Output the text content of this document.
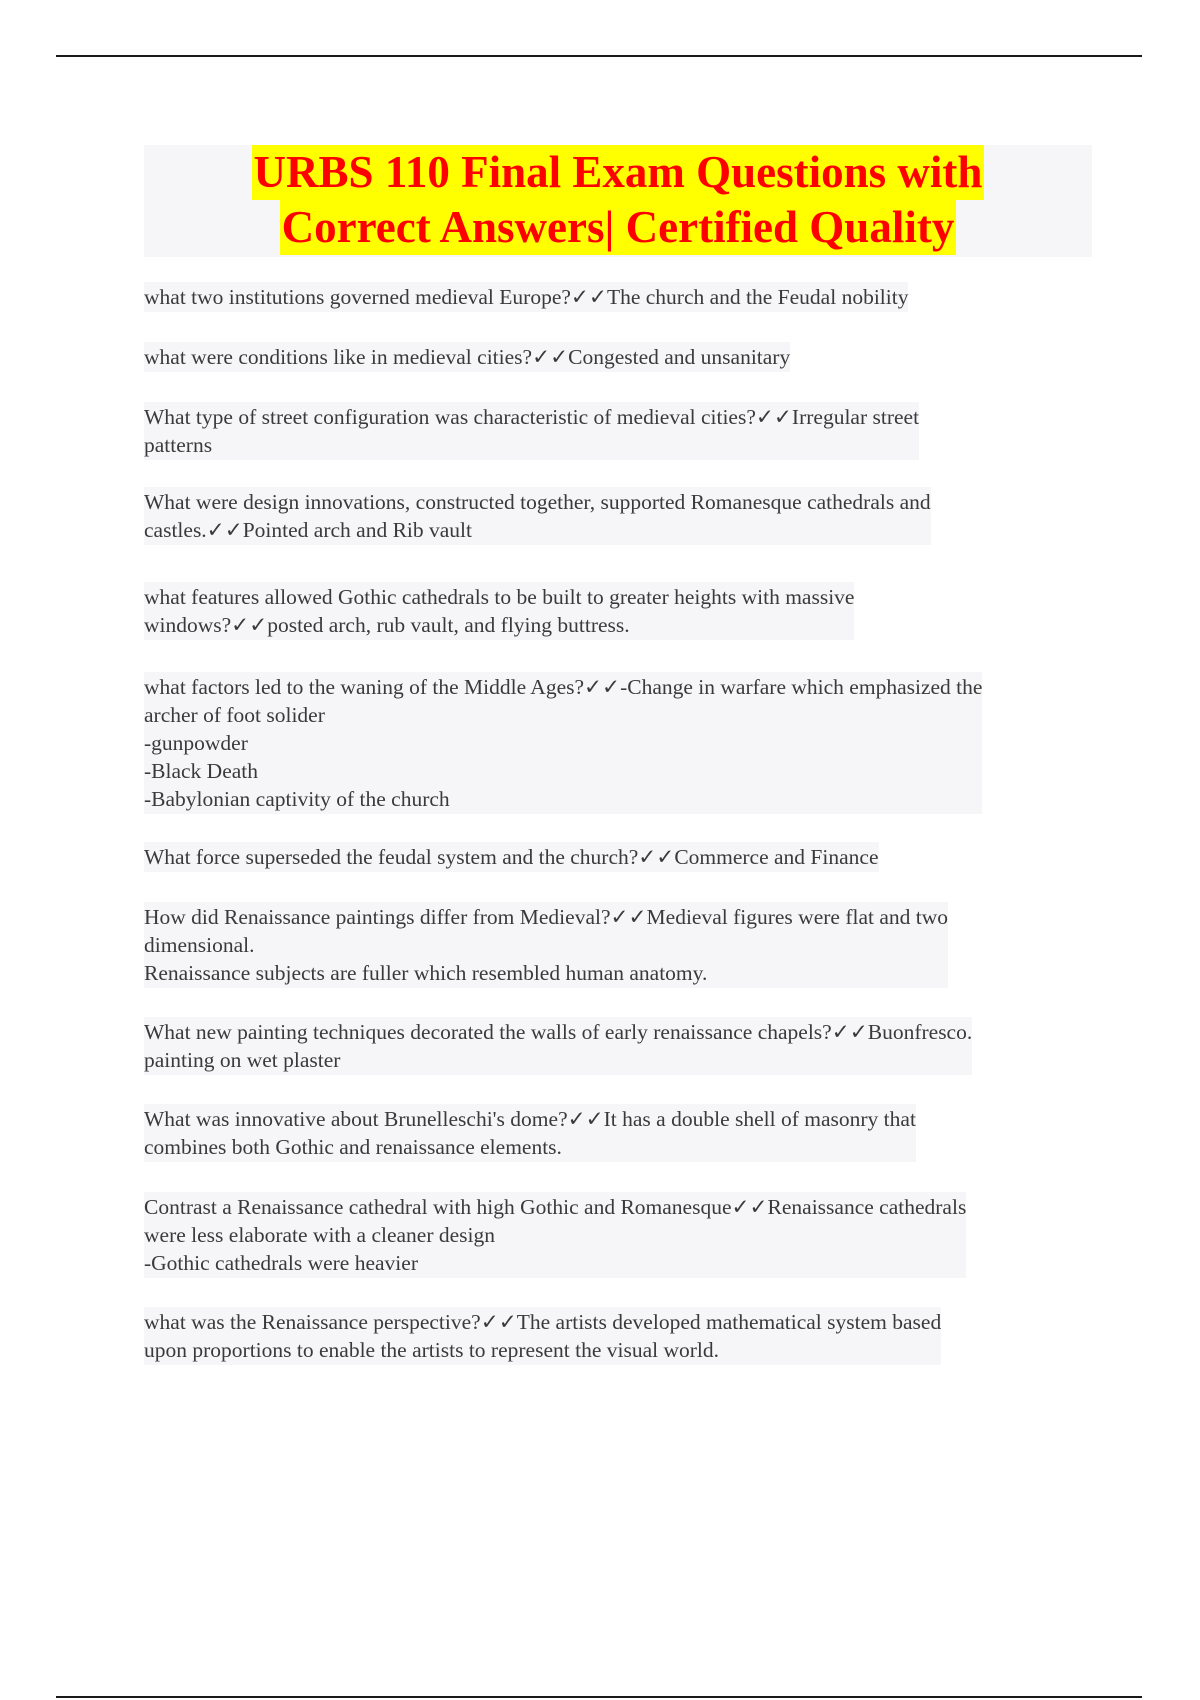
URBS 110 Final Exam Questions with
Correct Answers| Certified Quality
what two institutions governed medieval Europe?✓✓The church and the Feudal nobility
what were conditions like in medieval cities?✓✓Congested and unsanitary
What type of street configuration was characteristic of medieval cities?✓✓Irregular street
patterns
What were design innovations, constructed together, supported Romanesque cathedrals and
castles.✓✓Pointed arch and Rib vault
what features allowed Gothic cathedrals to be built to greater heights with massive
windows?✓✓posted arch, rub vault, and flying buttress.
what factors led to the waning of the Middle Ages?✓✓-Change in warfare which emphasized the
archer of foot solider
-gunpowder
-Black Death
-Babylonian captivity of the church
What force superseded the feudal system and the church?✓✓Commerce and Finance
How did Renaissance paintings differ from Medieval?✓✓Medieval figures were flat and two
dimensional.
Renaissance subjects are fuller which resembled human anatomy.
What new painting techniques decorated the walls of early renaissance chapels?✓✓Buonfresco.
painting on wet plaster
What was innovative about Brunelleschi's dome?✓✓It has a double shell of masonry that
combines both Gothic and renaissance elements.
Contrast a Renaissance cathedral with high Gothic and Romanesque✓✓Renaissance cathedrals
were less elaborate with a cleaner design
-Gothic cathedrals were heavier
what was the Renaissance perspective?✓✓The artists developed mathematical system based
upon proportions to enable the artists to represent the visual world.
